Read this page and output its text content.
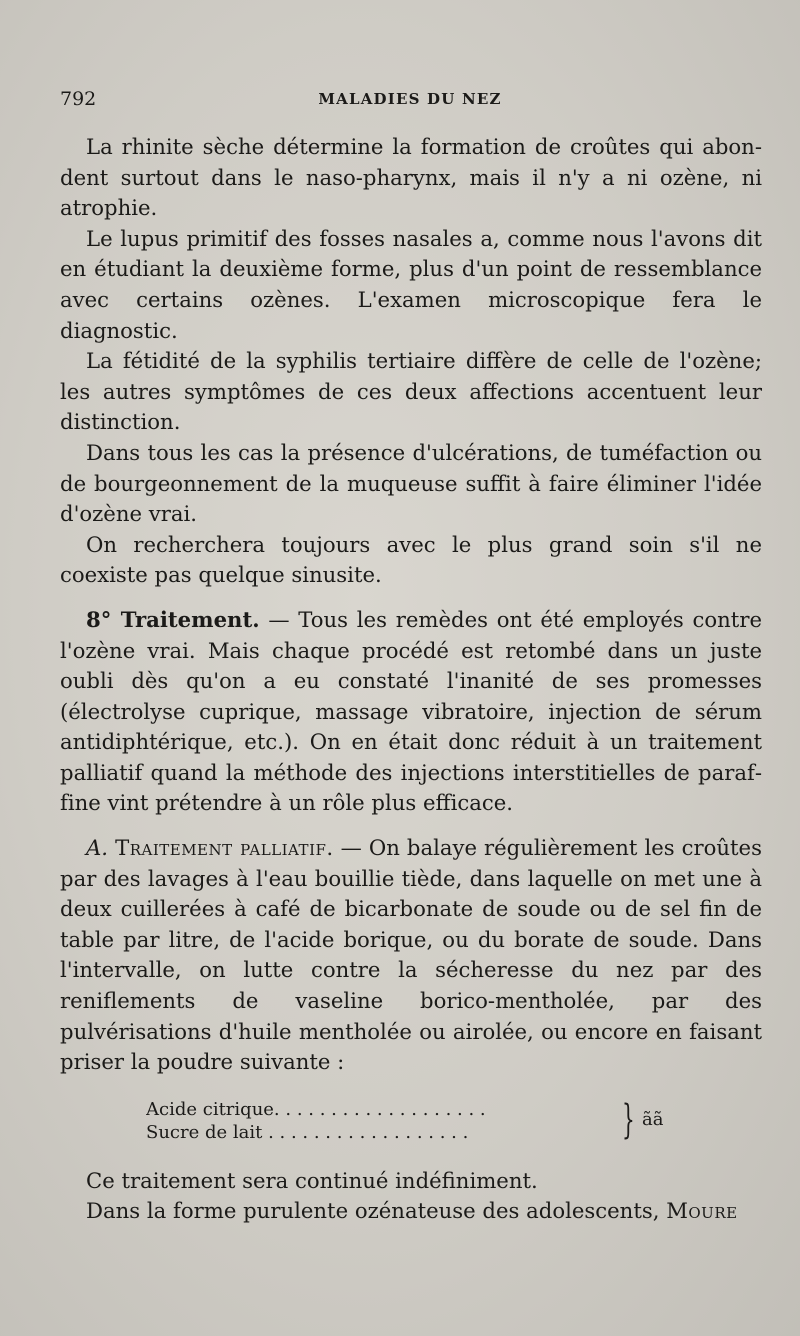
792	MALADIES DU NEZ

La rhinite sèche détermine la formation de croûtes qui abondent surtout dans le naso-pharynx, mais il n'y a ni ozène, ni atrophie.

Le lupus primitif des fosses nasales a, comme nous l'avons dit en étudiant la deuxième forme, plus d'un point de ressemblance avec certains ozènes. L'examen microscopique fera le diagnostic.

La fétidité de la syphilis tertiaire diffère de celle de l'ozène; les autres symptômes de ces deux affections accentuent leur distinction.

Dans tous les cas la présence d'ulcérations, de tuméfaction ou de bourgeonnement de la muqueuse suffit à faire éliminer l'idée d'ozène vrai.

On recherchera toujours avec le plus grand soin s'il ne coexiste pas quelque sinusite.

8° Traitement. — Tous les remèdes ont été employés contre l'ozène vrai. Mais chaque procédé est retombé dans un juste oubli dès qu'on a eu constaté l'inanité de ses promesses (électrolyse cuprique, massage vibratoire, injection de sérum antidiphtérique, etc.). On en était donc réduit à un traitement palliatif quand la méthode des injections interstitielles de paraffine vint prétendre à un rôle plus efficace.

A. Traitement palliatif. — On balaye régulièrement les croûtes par des lavages à l'eau bouillie tiède, dans laquelle on met une à deux cuillerées à café de bicarbonate de soude ou de sel fin de table par litre, de l'acide borique, ou du borate de soude. Dans l'intervalle, on lutte contre la sécheresse du nez par des reniflements de vaseline borico-mentholée, par des pulvérisations d'huile mentholée ou airolée, ou encore en faisant priser la poudre suivante :

Acide citrique. . . . . . . . . . . . . . . . . . .
Sucre de lait . . . . . . . . . . . . . . . . . .	} ãã

Ce traitement sera continué indéfiniment.

Dans la forme purulente ozénateuse des adolescents, Moure
